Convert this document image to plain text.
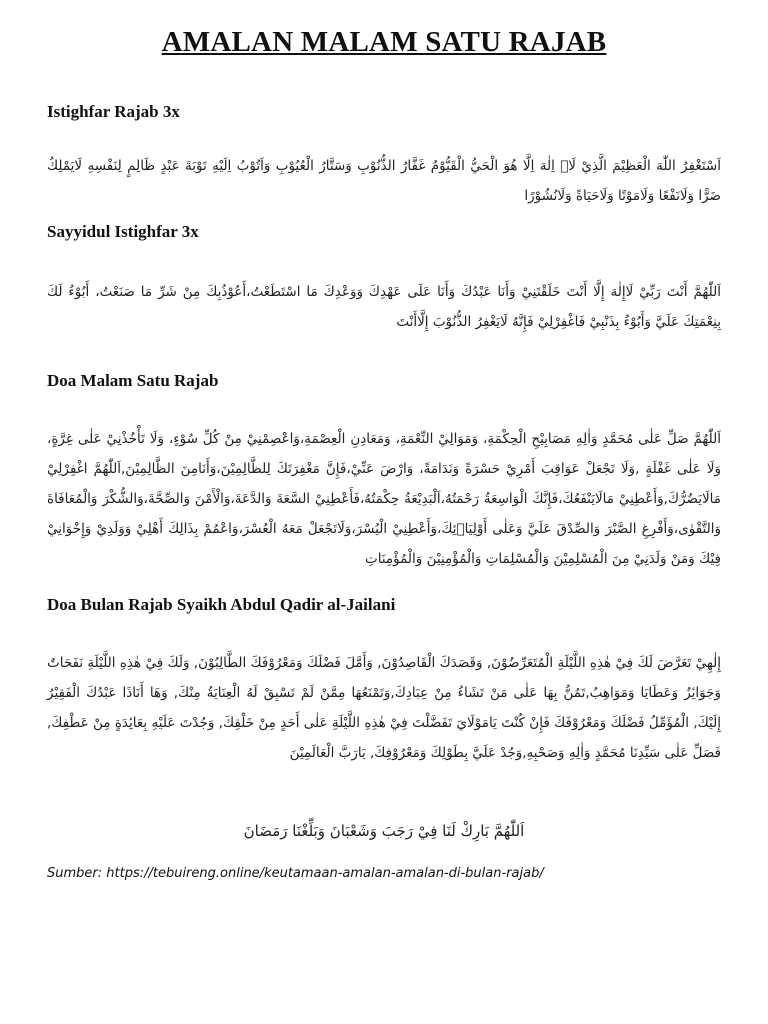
AMALAN MALAM SATU RAJAB
Istighfar Rajab 3x
اَسْتَغْفِرُ اللّٰهَ الْعَظِيْمَ الَّذِيْ لَاۤ اِلٰهَ اِلَّا هُوَ الْحَيُّ الْقَيُّوْمُ غَفَّارُ الذُّنُوْبِ وَسَتَّارُ الْعُيُوْبِ وَاَتُوْبُ اِلَيْهِ تَوْبَةَ عَبْدٍ ظَالِمٍ لِنَفْسِهِ لَايَمْلِكُ ضَرًّا وَلَانَفْعًا وَلَامَوْتًا وَلَاحَيَاةً وَلَانُشُوْرًا
Sayyidul Istighfar 3x
اَللّٰهُمَّ أَنْتَ رَبِّيْ لَاإِلٰهَ إِلَّا أَنْتَ خَلَقْتَنِيْ وَأَنَا عَبْدُكَ وَأَنَا عَلَى عَهْدِكَ وَوَعْدِكَ مَا اسْتَطَعْتُ،أَعُوْذُبِكَ مِنْ شَرِّ مَا صَنَعْتُ، أَبُوْءُ لَكَ بِنِعْمَتِكَ عَلَيَّ وَأَبُوْءُ بِذَنْبِيْ فَاغْفِرْلِيْ فَإِنَّهُ لَايَغْفِرُ الذُّنُوْبَ إِلَّاأَنْتَ
Doa Malam Satu Rajab
اَللّٰهُمَّ صَلِّ عَلٰى مُحَمَّدٍ وَاٰلِهِ مَصَابِيْحِ الْحِكْمَةِ، وَمَوَالِيْ النِّعْمَةِ، وَمَعَادِنِ الْعِصْمَةِ،وَاعْصِمْنِيْ مِنْ كُلِّ سُوْءٍ، وَلَا تَأْخُذْنِيْ عَلٰى غِرَّةٍ، وَلَا عَلٰى غَفْلَةٍ ,وَلَا تَجْعَلْ عَوَاقِبَ أَمْرِيْ حَسْرَةً وَنَدَامَةً، وَارْضَ عَنِّيْ،فَإِنَّ مَغْفِرَتَكَ لِلظَّالِمِيْنَ،وَأَنَامِنَ الظَّالِمِيْنَ,اَللّٰهُمَّ اغْفِرْلِيْ مَالَايَضُرُّكَ,وَأَعْطِنِيْ مَالَايَنْفَعُكَ،فَإِنَّكَ الْوَاسِعَةُ رَحْمَتُهُ،اَلْبَدِيْعَةُ حِكْمَتُهُ،فَأَعْطِنِيْ السَّعَةَ وَالدَّعَةَ،وَالْأَمْنَ وَالصِّحَّةَ،وَالشُّكْرَ وَالْمُعَافَاةَ وَالتَّقْوٰى،وَأَفْرِغِ الصَّبْرَ وَالصِّدْقَ عَلَيَّ وَعَلٰى أَوْلِيَاۤئِكَ،وَأَعْطِنِيْ الْيُسْرَ،وَلَاتَجْعَلْ مَعَهُ الْعُسْرَ،وَاعْمُمْ بِذَالِكَ أَهْلِيْ وَوَلَدِيْ وَإِخْوَانِيْ فِيْكَ وَمَنْ وَلَدَنِيْ مِنَ الْمُسْلِمِيْنَ وَالْمُسْلِمَاتِ وَالْمُؤْمِنِيْنَ وَالْمُؤْمِنَاتِ
Doa Bulan Rajab Syaikh Abdul Qadir al-Jailani
إِلٰهِيْ تَعَرَّضَ لَكَ فِيْ هٰذِهِ اللَّيْلَةِ الْمُتَعَرِّضُوْنَ, وَقَصَدَكَ الْقَاصِدُوْنَ, وَأَمَّلَ فَضْلَكَ وَمَعْرُوْفَكَ الطَّالِبُوْنَ, وَلَكَ فِيْ هٰذِهِ اللَّيْلَةِ نَفَحَاتٌ وَجَوَاىِٔزُ وَعَطَايَا وَمَوَاهِبُ,تَمُنُّ بِهَا عَلٰى مَنْ تَشَاءُ مِنْ عِبَادِكَ,وَتَمْنَعُهَا مِمَّنْ لَمْ تَسْبِقْ لَهُ الْعِنَايَةُ مِنْكَ, وَهَا أَنَاذَا عَبْدُكَ الْفَقِيْرُ إِلَيْكَ, الْمُؤَمِّلُ فَضْلَكَ وَمَعْرُوْفَكَ فَإِنْ كُنْتَ يَامَوْلَايَ تَفَضَّلْتَ فِيْ هٰذِهِ اللَّيْلَةِ عَلٰى أَحَدٍ مِنْ خَلْقِكَ, وَجُدْتَ عَلَيْهِ بِعَاىِٔدَةٍ مِنْ عَطْفِكَ, فَصَلِّ عَلٰى سَيِّدِنَا مُحَمَّدٍ وَاٰلِهِ وَصَحْبِهِ,وَجُدْ عَلَيَّ بِطَوْلِكَ وَمَعْرُوْفِكَ, يَارَبَّ الْعَالَمِيْنَ
اَللّٰهُمَّ بَارِكْ لَنَا فِيْ رَجَبَ وَشَعْبَانَ وَبَلِّغْنَا رَمَضَانَ
Sumber: https://tebuireng.online/keutamaan-amalan-amalan-di-bulan-rajab/
